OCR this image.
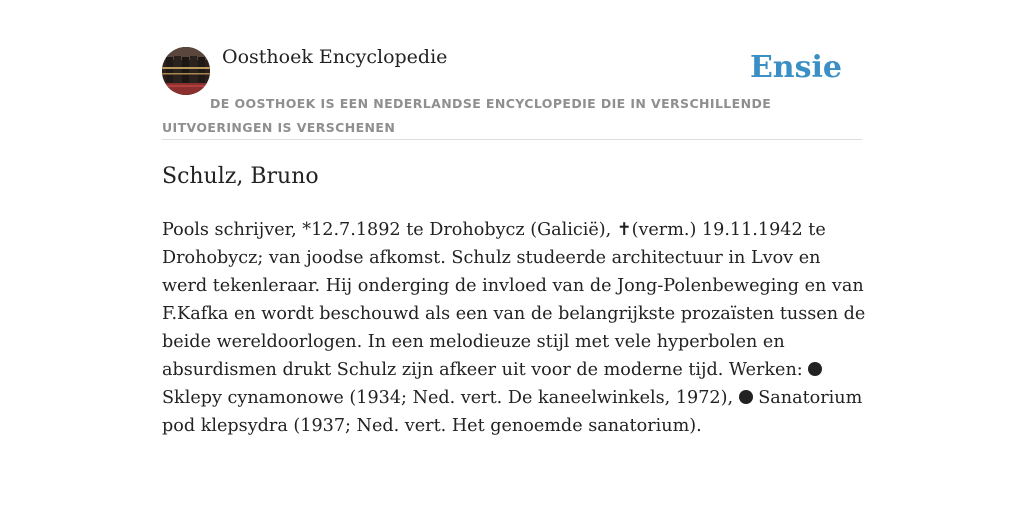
Oosthoek Encyclopedie	Ensie
DE OOSTHOEK IS EEN NEDERLANDSE ENCYCLOPEDIE DIE IN VERSCHILLENDE UITVOERINGEN IS VERSCHENEN
Schulz, Bruno

Pools schrijver, *12.7.1892 te Drohobycz (Galicië), ✝(verm.) 19.11.1942 te Drohobycz; van joodse afkomst. Schulz studeerde architectuur in Lvov en werd tekenleraar. Hij onderging de invloed van de Jong-Polenbeweging en van F.Kafka en wordt beschouwd als een van de belangrijkste prozaïsten tussen de beide wereldoorlogen. In een melodieuze stijl met vele hyperbolen en absurdismen drukt Schulz zijn afkeer uit voor de moderne tijd. Werken:  Sklepy cynamonowe (1934; Ned. vert. De kaneelwinkels, 1972), Sanatorium pod klepsydra (1937; Ned. vert. Het genoemde sanatorium).
